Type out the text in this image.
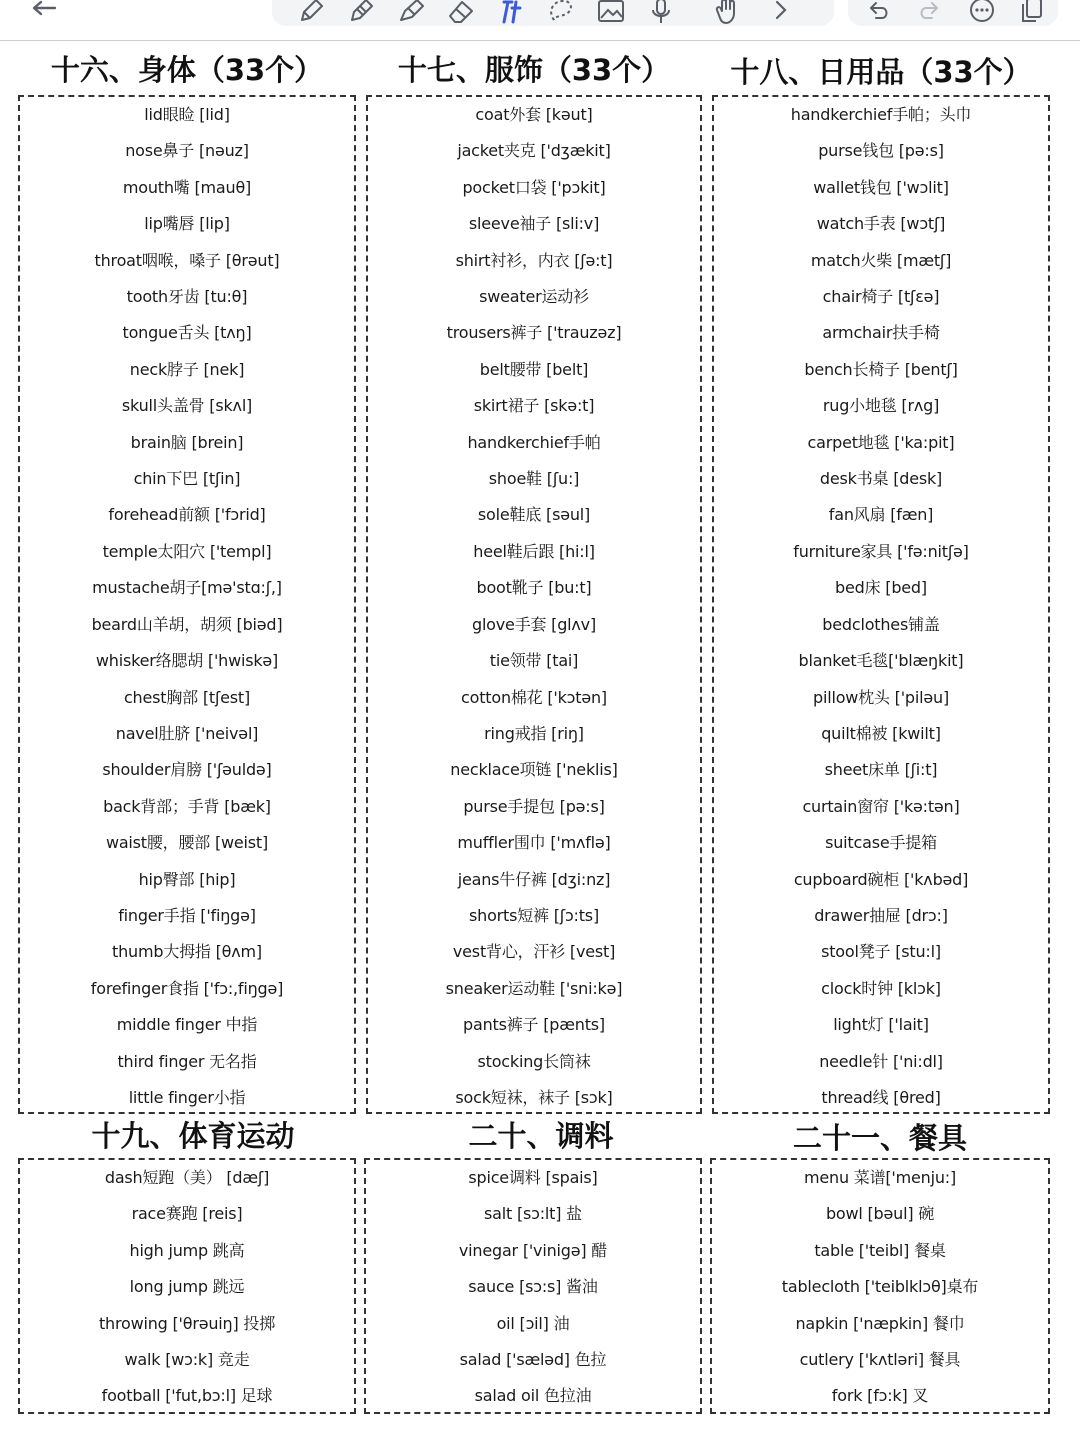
十六、身体（33个）	十七、服饰（33个）	十八、日用品（33个）
十九、体育运动	二十、调料	二十一、餐具
lid眼睑 [lid]
nose鼻子 [nəuz]
mouth嘴 [mauθ]
lip嘴唇 [lip]
throat咽喉，嗓子 [θrəut]
tooth牙齿 [tu:θ]
tongue舌头 [tʌŋ]
neck脖子 [nek]
skull头盖骨 [skʌl]
brain脑 [brein]
chin下巴 [tʃin]
forehead前额 ['fɔrid]
temple太阳穴 ['templ]
mustache胡子[mə'stɑ:ʃ,]
beard山羊胡，胡须 [biəd]
whisker络腮胡 ['hwiskə]
chest胸部 [tʃest]
navel肚脐 ['neivəl]
shoulder肩膀 ['ʃəuldə]
back背部；手背 [bæk]
waist腰，腰部 [weist]
hip臀部 [hip]
finger手指 ['fiŋgə]
thumb大拇指 [θʌm]
forefinger食指 ['fɔ:,fiŋgə]
middle finger 中指
third finger 无名指
little finger小指
coat外套 [kəut]
jacket夹克 ['dʒækit]
pocket口袋 ['pɔkit]
sleeve袖子 [sli:v]
shirt衬衫，内衣 [ʃə:t]
sweater运动衫
trousers裤子 ['trauzəz]
belt腰带 [belt]
skirt裙子 [skə:t]
handkerchief手帕
shoe鞋 [ʃu:]
sole鞋底 [səul]
heel鞋后跟 [hi:l]
boot靴子 [bu:t]
glove手套 [glʌv]
tie领带 [tai]
cotton棉花 ['kɔtən]
ring戒指 [riŋ]
necklace项链 ['neklis]
purse手提包 [pə:s]
muffler围巾 ['mʌflə]
jeans牛仔裤 [dʒi:nz]
shorts短裤 [ʃɔ:ts]
vest背心，汗衫 [vest]
sneaker运动鞋 ['sni:kə]
pants裤子 [pænts]
stocking长筒袜
sock短袜，袜子 [sɔk]
handkerchief手帕；头巾
purse钱包 [pə:s]
wallet钱包 ['wɔlit]
watch手表 [wɔtʃ]
match火柴 [mætʃ]
chair椅子 [tʃɛə]
armchair扶手椅
bench长椅子 [bentʃ]
rug小地毯 [rʌg]
carpet地毯 ['ka:pit]
desk书桌 [desk]
fan风扇 [fæn]
furniture家具 ['fə:nitʃə]
bed床 [bed]
bedclothes铺盖
blanket毛毯['blæŋkit]
pillow枕头 ['piləu]
quilt棉被 [kwilt]
sheet床单 [ʃi:t]
curtain窗帘 ['kə:tən]
suitcase手提箱
cupboard碗柜 ['kʌbəd]
drawer抽屉 [drɔ:]
stool凳子 [stu:l]
clock时钟 [klɔk]
light灯 ['lait]
needle针 ['ni:dl]
thread线 [θred]
dash短跑（美） [dæʃ]
race赛跑 [reis]
high jump 跳高
long jump 跳远
throwing ['θrəuiŋ] 投掷
walk [wɔ:k] 竞走
football ['fut,bɔ:l] 足球
spice调料 [spais]
salt [sɔ:lt] 盐
vinegar ['vinigə] 醋
sauce [sɔ:s] 酱油
oil [ɔil] 油
salad ['sæləd] 色拉
salad oil 色拉油
menu 菜谱['menju:]
bowl [bəul] 碗
table ['teibl] 餐桌
tablecloth ['teiblklɔθ]桌布
napkin ['næpkin] 餐巾
cutlery ['kʌtləri] 餐具
fork [fɔ:k] 叉
